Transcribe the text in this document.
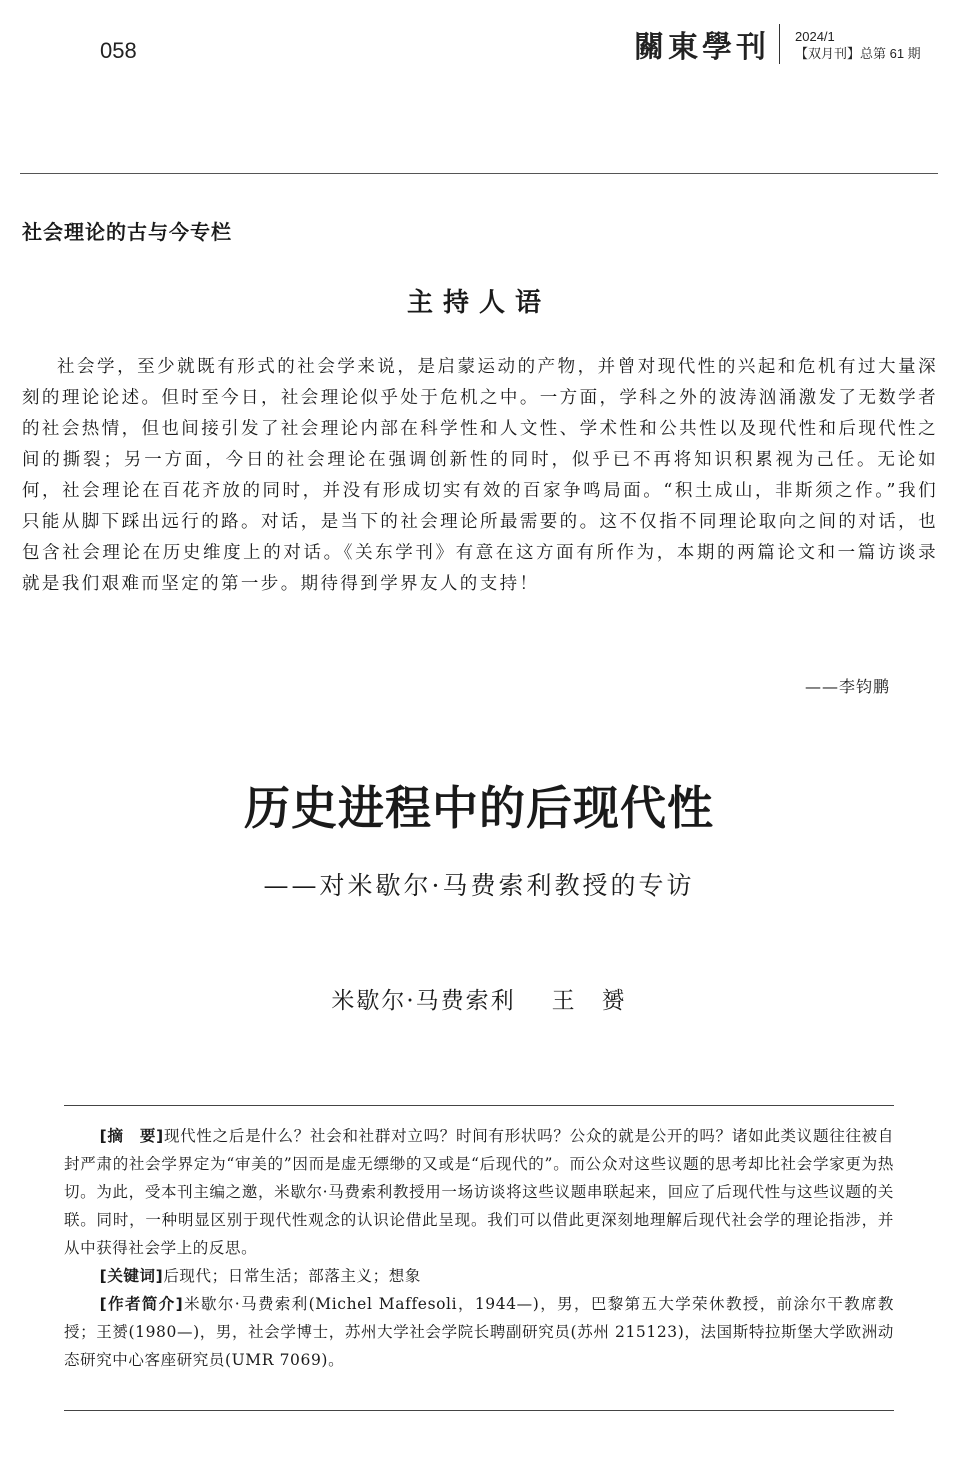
058	關東學刊 2024/1
【双月刊】总第 61 期
社会理论的古与今专栏
主持人语

社会学，至少就既有形式的社会学来说，是启蒙运动的产物，并曾对现代性的兴起和危机有过大量深刻的理论论述。但时至今日，社会理论似乎处于危机之中。一方面，学科之外的波涛汹涌激发了无数学者的社会热情，但也间接引发了社会理论内部在科学性和人文性、学术性和公共性以及现代性和后现代性之间的撕裂；另一方面，今日的社会理论在强调创新性的同时，似乎已不再将知识积累视为己任。无论如何，社会理论在百花齐放的同时，并没有形成切实有效的百家争鸣局面。“积土成山，非斯须之作。”我们只能从脚下踩出远行的路。对话，是当下的社会理论所最需要的。这不仅指不同理论取向之间的对话，也包含社会理论在历史维度上的对话。《关东学刊》有意在这方面有所作为，本期的两篇论文和一篇访谈录就是我们艰难而坚定的第一步。期待得到学界友人的支持！

——李钧鹏
历史进程中的后现代性
——对米歇尔·马费索利教授的专访
米歇尔·马费索利 王　赟

[摘　要]现代性之后是什么？社会和社群对立吗？时间有形状吗？公众的就是公开的吗？诸如此类议题往往被自封严肃的社会学界定为“审美的”因而是虚无缥缈的又或是“后现代的”。而公众对这些议题的思考却比社会学家更为热切。为此，受本刊主编之邀，米歇尔·马费索利教授用一场访谈将这些议题串联起来，回应了后现代性与这些议题的关联。同时，一种明显区别于现代性观念的认识论借此呈现。我们可以借此更深刻地理解后现代社会学的理论指涉，并从中获得社会学上的反思。

[关键词]后现代；日常生活；部落主义；想象

[作者简介]米歇尔·马费索利(Michel Maffesoli，1944—)，男，巴黎第五大学荣休教授，前涂尔干教席教授；王赟(1980—)，男，社会学博士，苏州大学社会学院长聘副研究员(苏州 215123)，法国斯特拉斯堡大学欧洲动态研究中心客座研究员(UMR 7069)。
